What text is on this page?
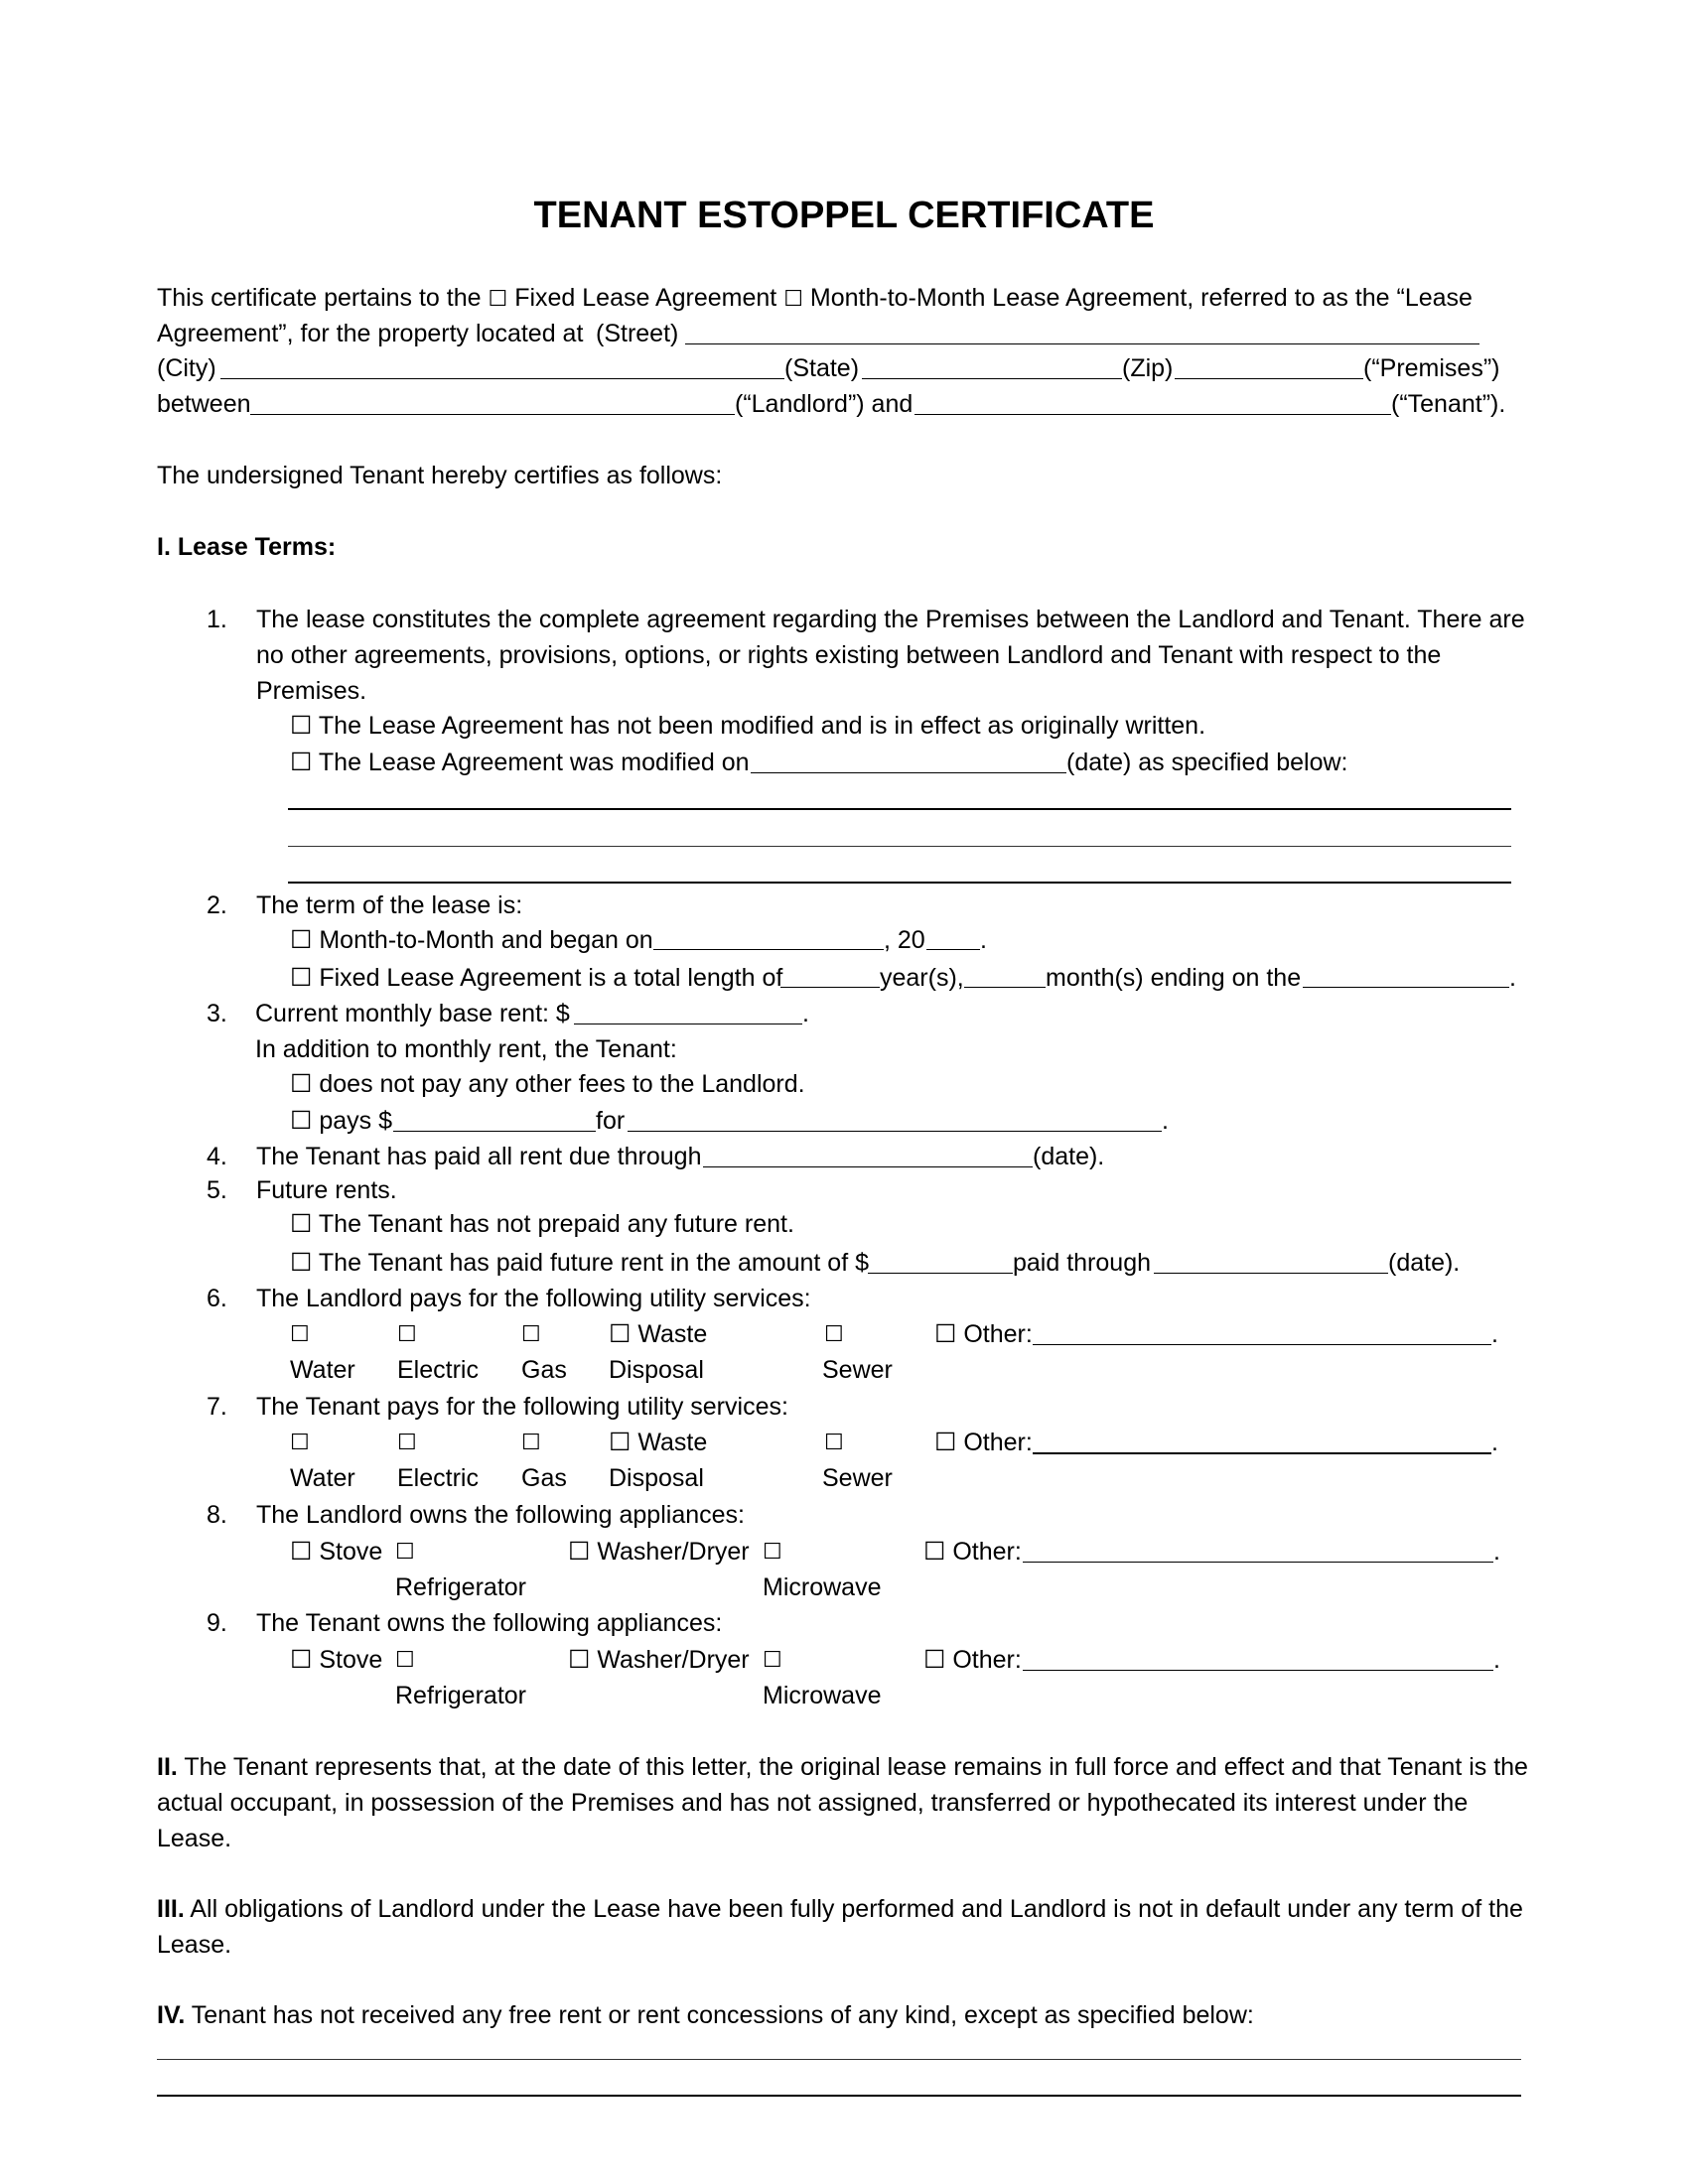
TENANT ESTOPPEL CERTIFICATE
This certificate pertains to the ☐ Fixed Lease Agreement ☐ Month-to-Month Lease Agreement, referred to as the “Lease
Agreement”, for the property located at (Street)
(City)	(State)	(Zip)	(“Premises”)
between	(“Landlord”) and	(“Tenant”).
The undersigned Tenant hereby certifies as follows:
I. Lease Terms:
1. The lease constitutes the complete agreement regarding the Premises between the Landlord and Tenant. There are
no other agreements, provisions, options, or rights existing between Landlord and Tenant with respect to the
Premises.
☐ The Lease Agreement has not been modified and is in effect as originally written.
☐ The Lease Agreement was modified on	(date) as specified below:
2. The term of the lease is:
☐ Month-to-Month and began on	, 20 .
☐ Fixed Lease Agreement is a total length of	year(s),	month(s) ending on the	.
3. Current monthly base rent: $	.
In addition to monthly rent, the Tenant:
☐ does not pay any other fees to the Landlord.
☐ pays $	for	.
4. The Tenant has paid all rent due through	(date).
5. Future rents.
☐ The Tenant has not prepaid any future rent.
☐ The Tenant has paid future rent in the amount of $	paid through	(date).
6. The Landlord pays for the following utility services:
☐	☐	☐	☐ Waste	☐	☐ Other:	.
Water Electric Gas Disposal	Sewer
7. The Tenant pays for the following utility services:
☐	☐	☐	☐ Waste	☐	☐ Other:	.
Water Electric Gas Disposal	Sewer
8. The Landlord owns the following appliances:
☐ Stove ☐	☐ Washer/Dryer ☐	☐ Other:	.
Refrigerator	Microwave
9. The Tenant owns the following appliances:
☐ Stove ☐	☐ Washer/Dryer ☐	☐ Other:	.
Refrigerator	Microwave
II. The Tenant represents that, at the date of this letter, the original lease remains in full force and effect and that Tenant is the
actual occupant, in possession of the Premises and has not assigned, transferred or hypothecated its interest under the
Lease.
III. All obligations of Landlord under the Lease have been fully performed and Landlord is not in default under any term of the
Lease.
IV. Tenant has not received any free rent or rent concessions of any kind, except as specified below:
